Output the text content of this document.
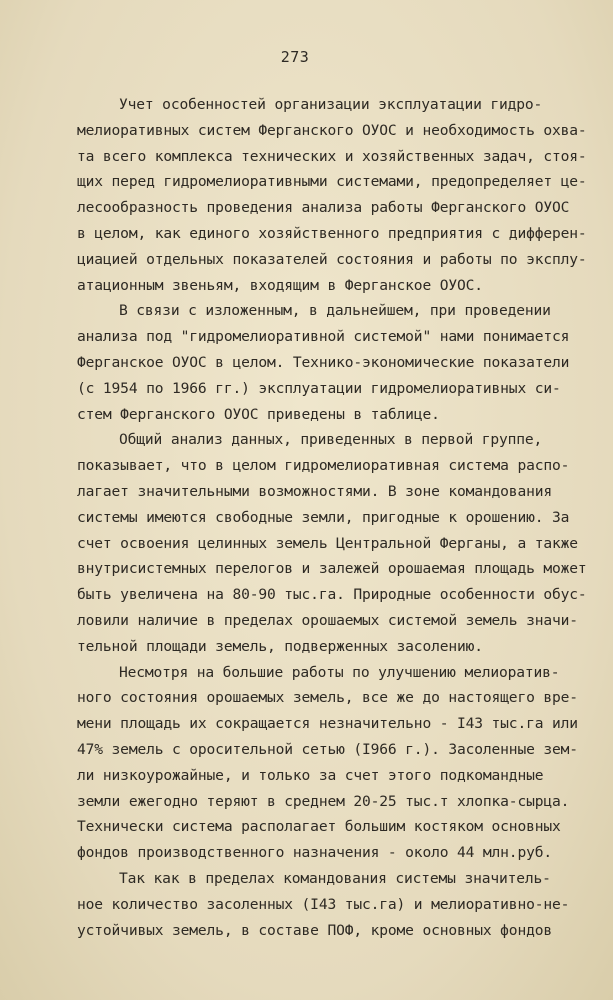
273
Учет особенностей организации эксплуатации гидро-
мелиоративных систем Ферганского ОУОС и необходимость охва-
та всего комплекса технических и хозяйственных задач, стоя-
щих перед гидромелиоративными системами, предопределяет це-
лесообразность проведения анализа работы Ферганского ОУОС
в целом, как единого хозяйственного предприятия с дифферен-
циацией отдельных показателей состояния и работы по эксплу-
атационным звеньям, входящим в Ферганское ОУОС.
В связи с изложенным, в дальнейшем, при проведении
анализа под "гидромелиоративной системой" нами понимается
Ферганское ОУОС в целом. Технико-экономические показатели
(с 1954 по 1966 гг.) эксплуатации гидромелиоративных си-
стем Ферганского ОУОС приведены в таблице.
Общий анализ данных, приведенных в первой группе,
показывает, что в целом гидромелиоративная система распо-
лагает значительными возможностями. В зоне командования
системы имеются свободные земли, пригодные к орошению. За
счет освоения целинных земель Центральной Ферганы, а также
внутрисистемных перелогов и залежей орошаемая площадь может
быть увеличена на 80-90 тыс.га. Природные особенности обус-
ловили наличие в пределах орошаемых системой земель значи-
тельной площади земель, подверженных засолению.
Несмотря на большие работы по улучшению мелиоратив-
ного состояния орошаемых земель, все же до настоящего вре-
мени площадь их сокращается незначительно - I43 тыс.га или
47% земель с оросительной сетью (I966 г.). Засоленные зем-
ли низкоурожайные, и только за счет этого подкомандные
земли ежегодно теряют в среднем 20-25 тыс.т хлопка-сырца.
Технически система располагает большим костяком основных
фондов производственного назначения - около 44 млн.руб.
Так как в пределах командования системы значитель-
ное количество засоленных (I43 тыс.га) и мелиоративно-не-
устойчивых земель, в составе ПОФ, кроме основных фондов
